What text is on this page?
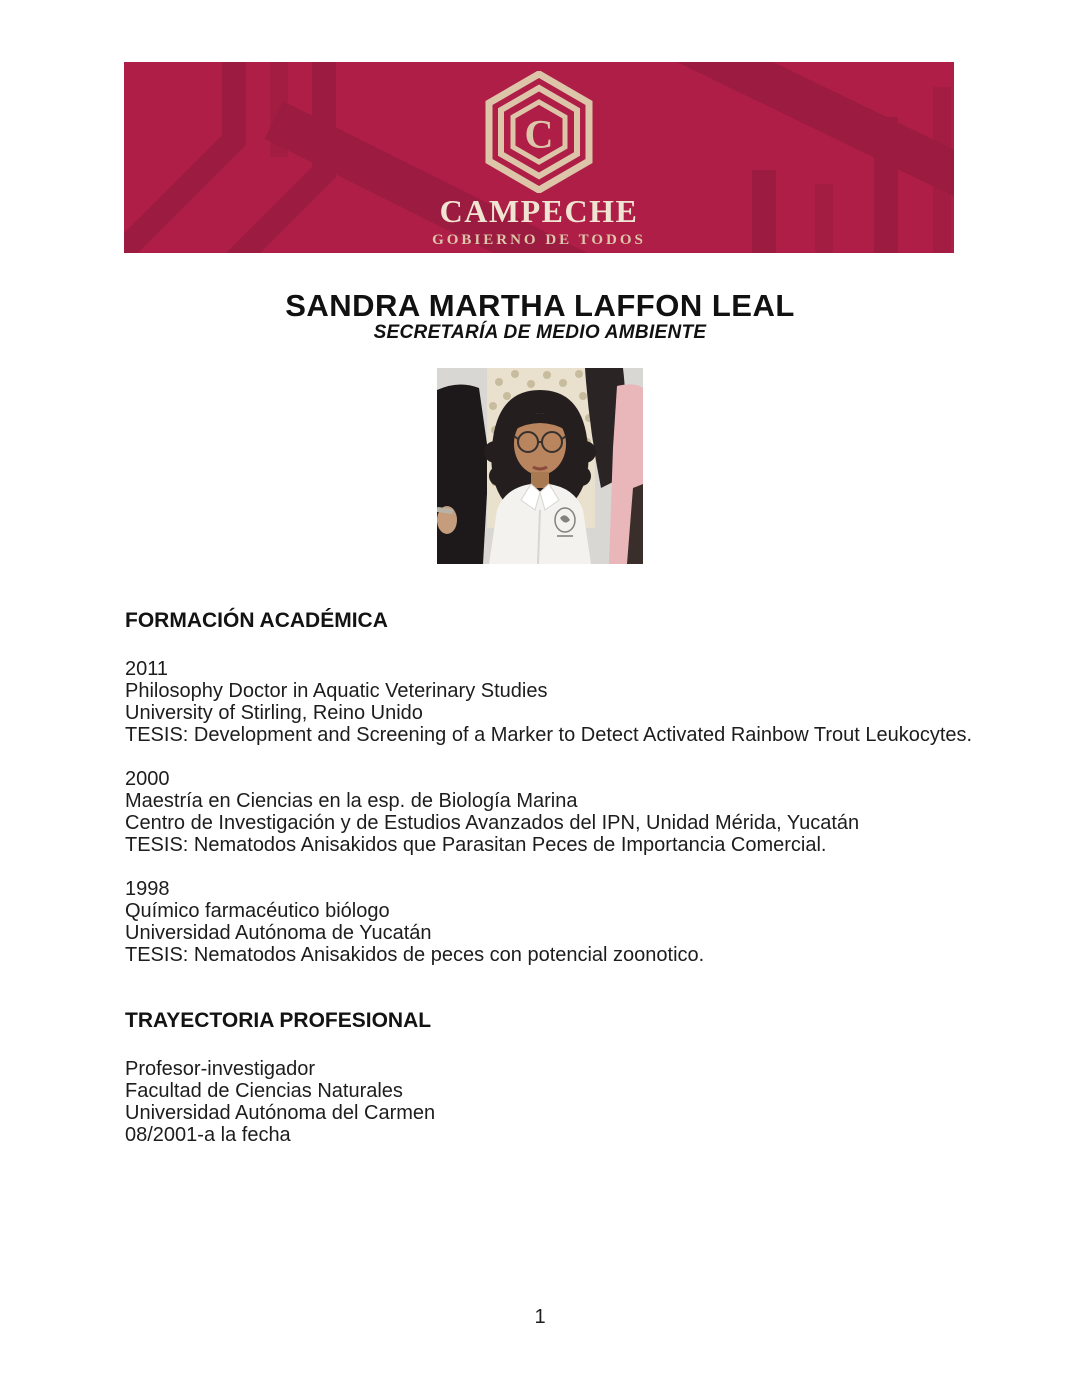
C
CAMPECHE
GOBIERNO DE TODOS
SANDRA MARTHA LAFFON LEAL
SECRETARÍA DE MEDIO AMBIENTE
FORMACIÓN ACADÉMICA
2011
Philosophy Doctor in Aquatic Veterinary Studies
University of Stirling, Reino Unido
TESIS: Development and Screening of a Marker to Detect Activated Rainbow Trout Leukocytes.
2000
Maestría en Ciencias en la esp. de Biología Marina
Centro de Investigación y de Estudios Avanzados del IPN, Unidad Mérida, Yucatán
TESIS: Nematodos Anisakidos que Parasitan Peces de Importancia Comercial.
1998
Químico farmacéutico biólogo
Universidad Autónoma de Yucatán
TESIS: Nematodos Anisakidos de peces con potencial zoonotico.
TRAYECTORIA PROFESIONAL
Profesor-investigador
Facultad de Ciencias Naturales
Universidad Autónoma del Carmen
08/2001-a la fecha
1
